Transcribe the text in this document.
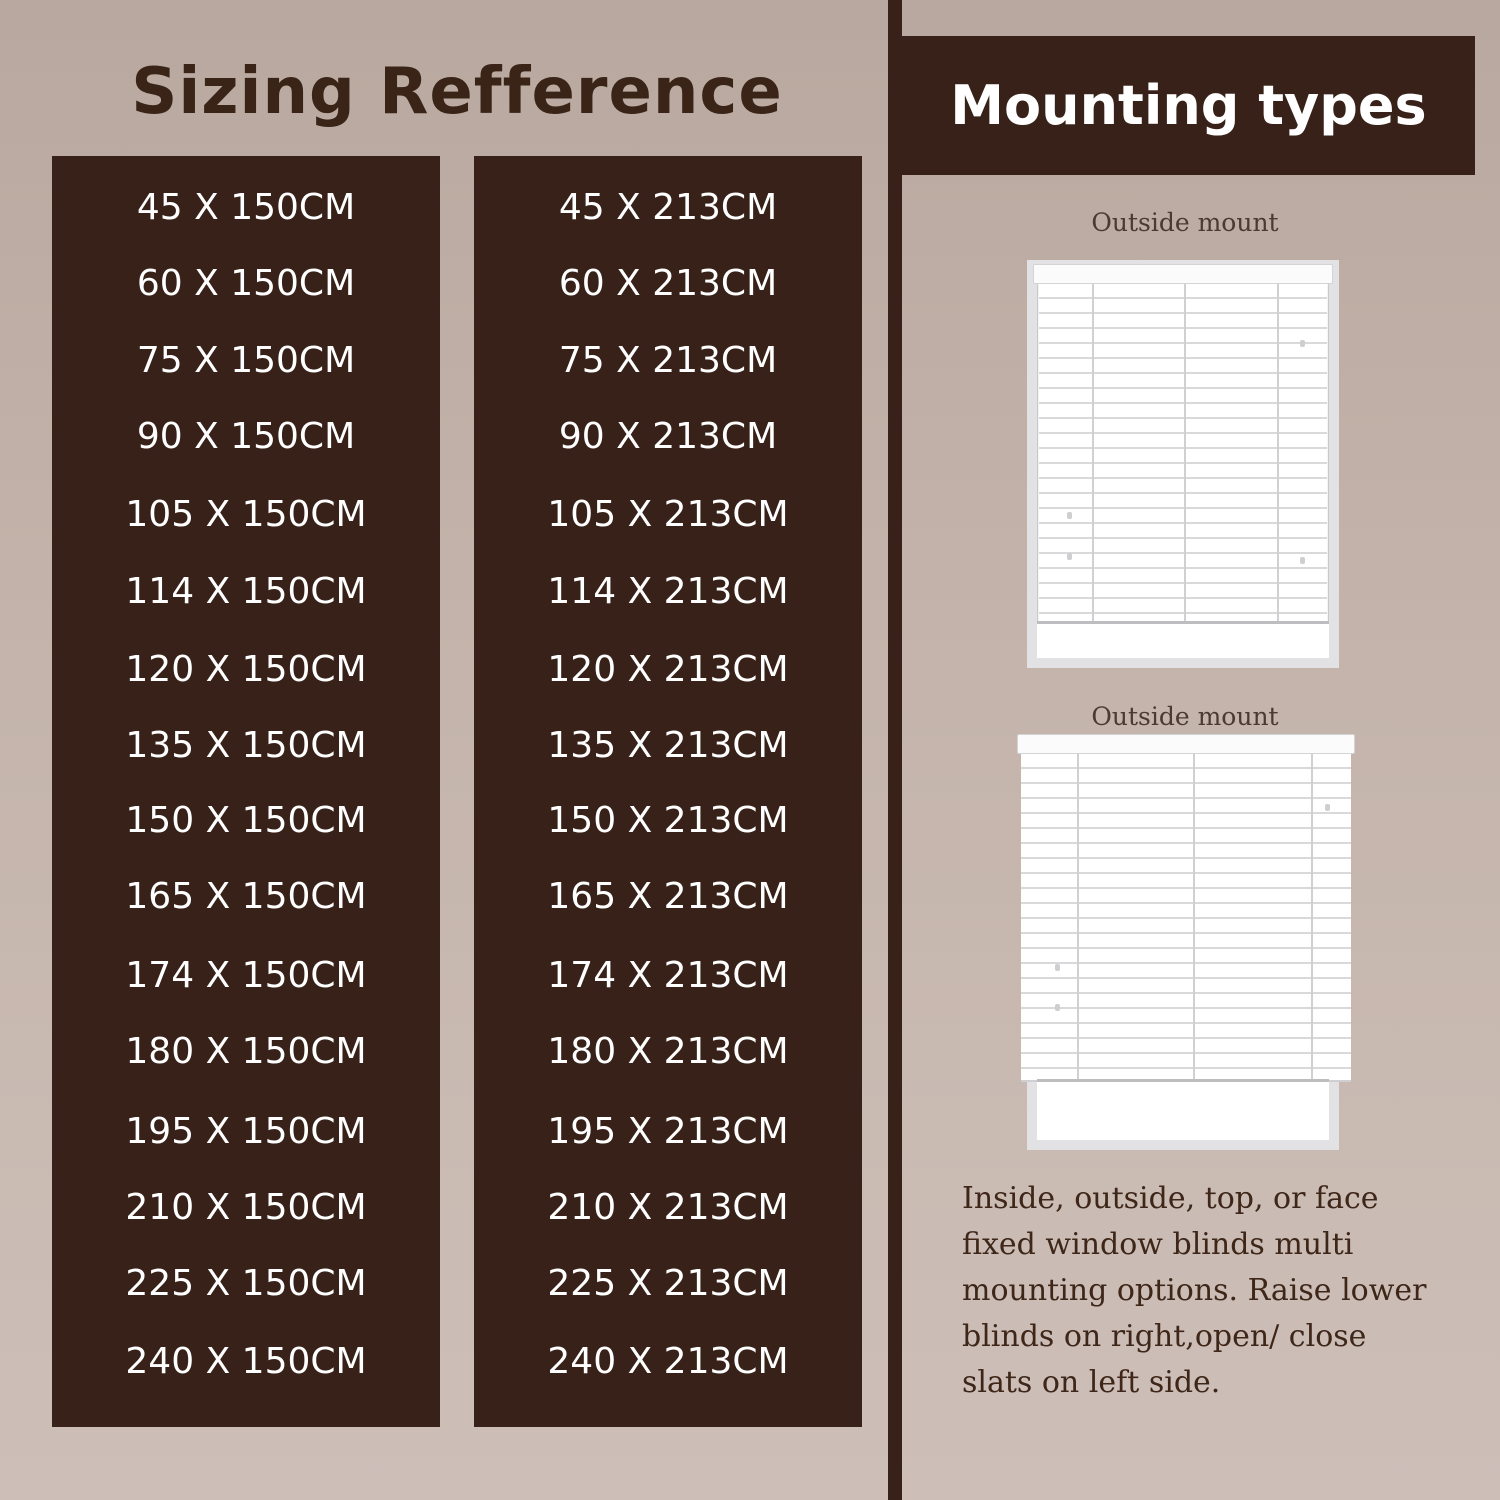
Sizing Refference
45 X 150CM
60 X 150CM
75 X 150CM
90 X 150CM
105 X 150CM
114 X 150CM
120 X 150CM
135 X 150CM
150 X 150CM
165 X 150CM
174 X 150CM
180 X 150CM
195 X 150CM
210 X 150CM
225 X 150CM
240 X 150CM
45 X 213CM
60 X 213CM
75 X 213CM
90 X 213CM
105 X 213CM
114 X 213CM
120 X 213CM
135 X 213CM
150 X 213CM
165 X 213CM
174 X 213CM
180 X 213CM
195 X 213CM
210 X 213CM
225 X 213CM
240 X 213CM
Mounting types
Outside mount
Outside mount
Inside, outside, top, or face fixed window blinds multi mounting options. Raise lower blinds on right,open/ close slats on left side.
